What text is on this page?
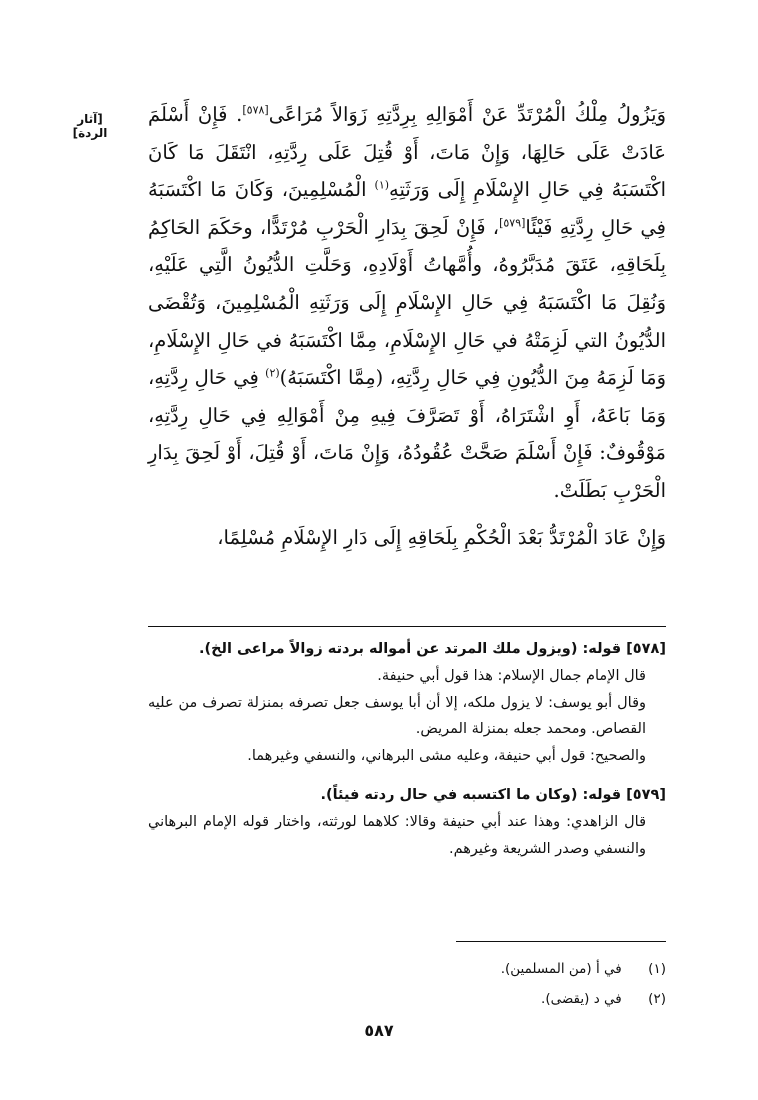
[آثار الردة]

وَيَزُولُ مِلْكُ الْمُرْتَدِّ عَنْ أَمْوَالِهِ بِرِدَّتِهِ زَوَالاً مُرَاعًى[٥٧٨]. فَإِنْ أَسْلَمَ عَادَتْ عَلَى حَالِهَا، وَإِنْ مَاتَ، أَوْ قُتِلَ عَلَى رِدَّتِهِ، انْتَقَلَ مَا كَانَ اكْتَسَبَهُ فِي حَالِ الإِسْلَامِ إِلَى وَرَثَتِهِ$^{(١)}$ الْمُسْلِمِينَ، وَكَانَ مَا اكْتَسَبَهُ فِي حَالِ رِدَّتِهِ فَيْئًا[٥٧٩]، فَإِنْ لَحِقَ بِدَارِ الْحَرْبِ مُرْتَدًّا، وحَكَمَ الحَاكِمُ بِلَحَاقِهِ، عَتَقَ مُدَبَّرُوهُ، وأُمَّهاتُ أَوْلَادِهِ، وَحَلَّتِ الدُّيُونُ الَّتِي عَلَيْهِ، وَنُقِلَ مَا اكْتَسَبَهُ فِي حَالِ الإِسْلَامِ إِلَى وَرَثَتِهِ الْمُسْلِمِينَ، وَتُقْضَى الدُّيُونُ التي لَزِمَتْهُ في حَالِ الإِسْلَامِ، مِمَّا اكْتَسَبَهُ في حَالِ الإِسْلَامِ، وَمَا لَزِمَهُ مِنَ الدُّيُونِ فِي حَالِ رِدَّتِهِ، (مِمَّا اكْتَسَبَهُ)$^{(٢)}$ فِي حَالِ رِدَّتِهِ، وَمَا بَاعَهُ، أَوِ اشْتَرَاهُ، أَوْ تَصَرَّفَ فِيهِ مِنْ أَمْوَالِهِ فِي حَالِ رِدَّتِهِ، مَوْقُوفٌ: فَإِنْ أَسْلَمَ صَحَّتْ عُقُودُهُ، وَإِنْ مَاتَ، أَوْ قُتِلَ، أَوْ لَحِقَ بِدَارِ الْحَرْبِ بَطَلَتْ.

وَإِنْ عَادَ الْمُرْتَدُّ بَعْدَ الْحُكْمِ بِلَحَاقِهِ إِلَى دَارِ الإِسْلَامِ مُسْلِمًا،

[٥٧٨] قوله: (ويزول ملك المرتد عن أمواله بردته زوالاً مراعى الخ).

قال الإمام جمال الإسلام: هذا قول أبي حنيفة.

وقال أبو يوسف: لا يزول ملكه، إلا أن أبا يوسف جعل تصرفه بمنزلة تصرف من عليه القصاص. ومحمد جعله بمنزلة المريض.

والصحيح: قول أبي حنيفة، وعليه مشى البرهاني، والنسفي وغيرهما.

[٥٧٩] قوله: (وكان ما اكتسبه في حال ردته فيئاً).

قال الزاهدي: وهذا عند أبي حنيفة وقالا: كلاهما لورثته، واختار قوله الإمام البرهاني والنسفي وصدر الشريعة وغيرهم.

(١) في أ (من المسلمين).

(٢) في د (يقضى).

٥٨٧
